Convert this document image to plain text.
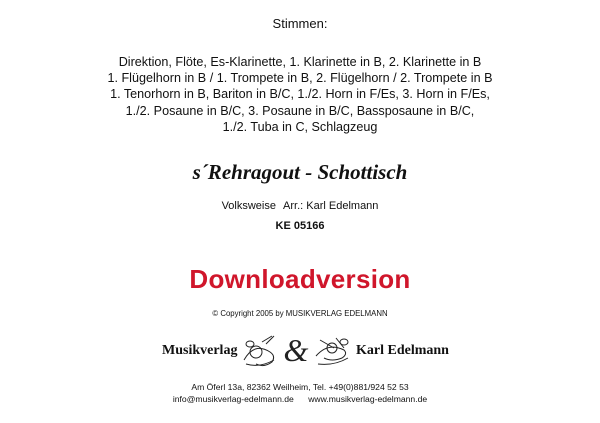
Stimmen:
Direktion, Flöte, Es-Klarinette, 1. Klarinette in B, 2. Klarinette in B
1. Flügelhorn in B / 1. Trompete in B, 2. Flügelhorn / 2. Trompete in B
1. Tenorhorn in B, Bariton in B/C, 1./2. Horn in F/Es, 3. Horn in F/Es,
1./2. Posaune in B/C, 3. Posaune in B/C, Bassposaune in B/C,
1./2. Tuba in C, Schlagzeug
s´Rehragout - Schottisch
Volksweise Arr.: Karl Edelmann
KE 05166
Downloadversion
© Copyright 2005 by MUSIKVERLAG EDELMANN
Musikverlag &	Karl Edelmann
Am Öferl 13a, 82362 Weilheim, Tel. +49(0)881/924 52 53
info@musikverlag-edelmann.de www.musikverlag-edelmann.de
